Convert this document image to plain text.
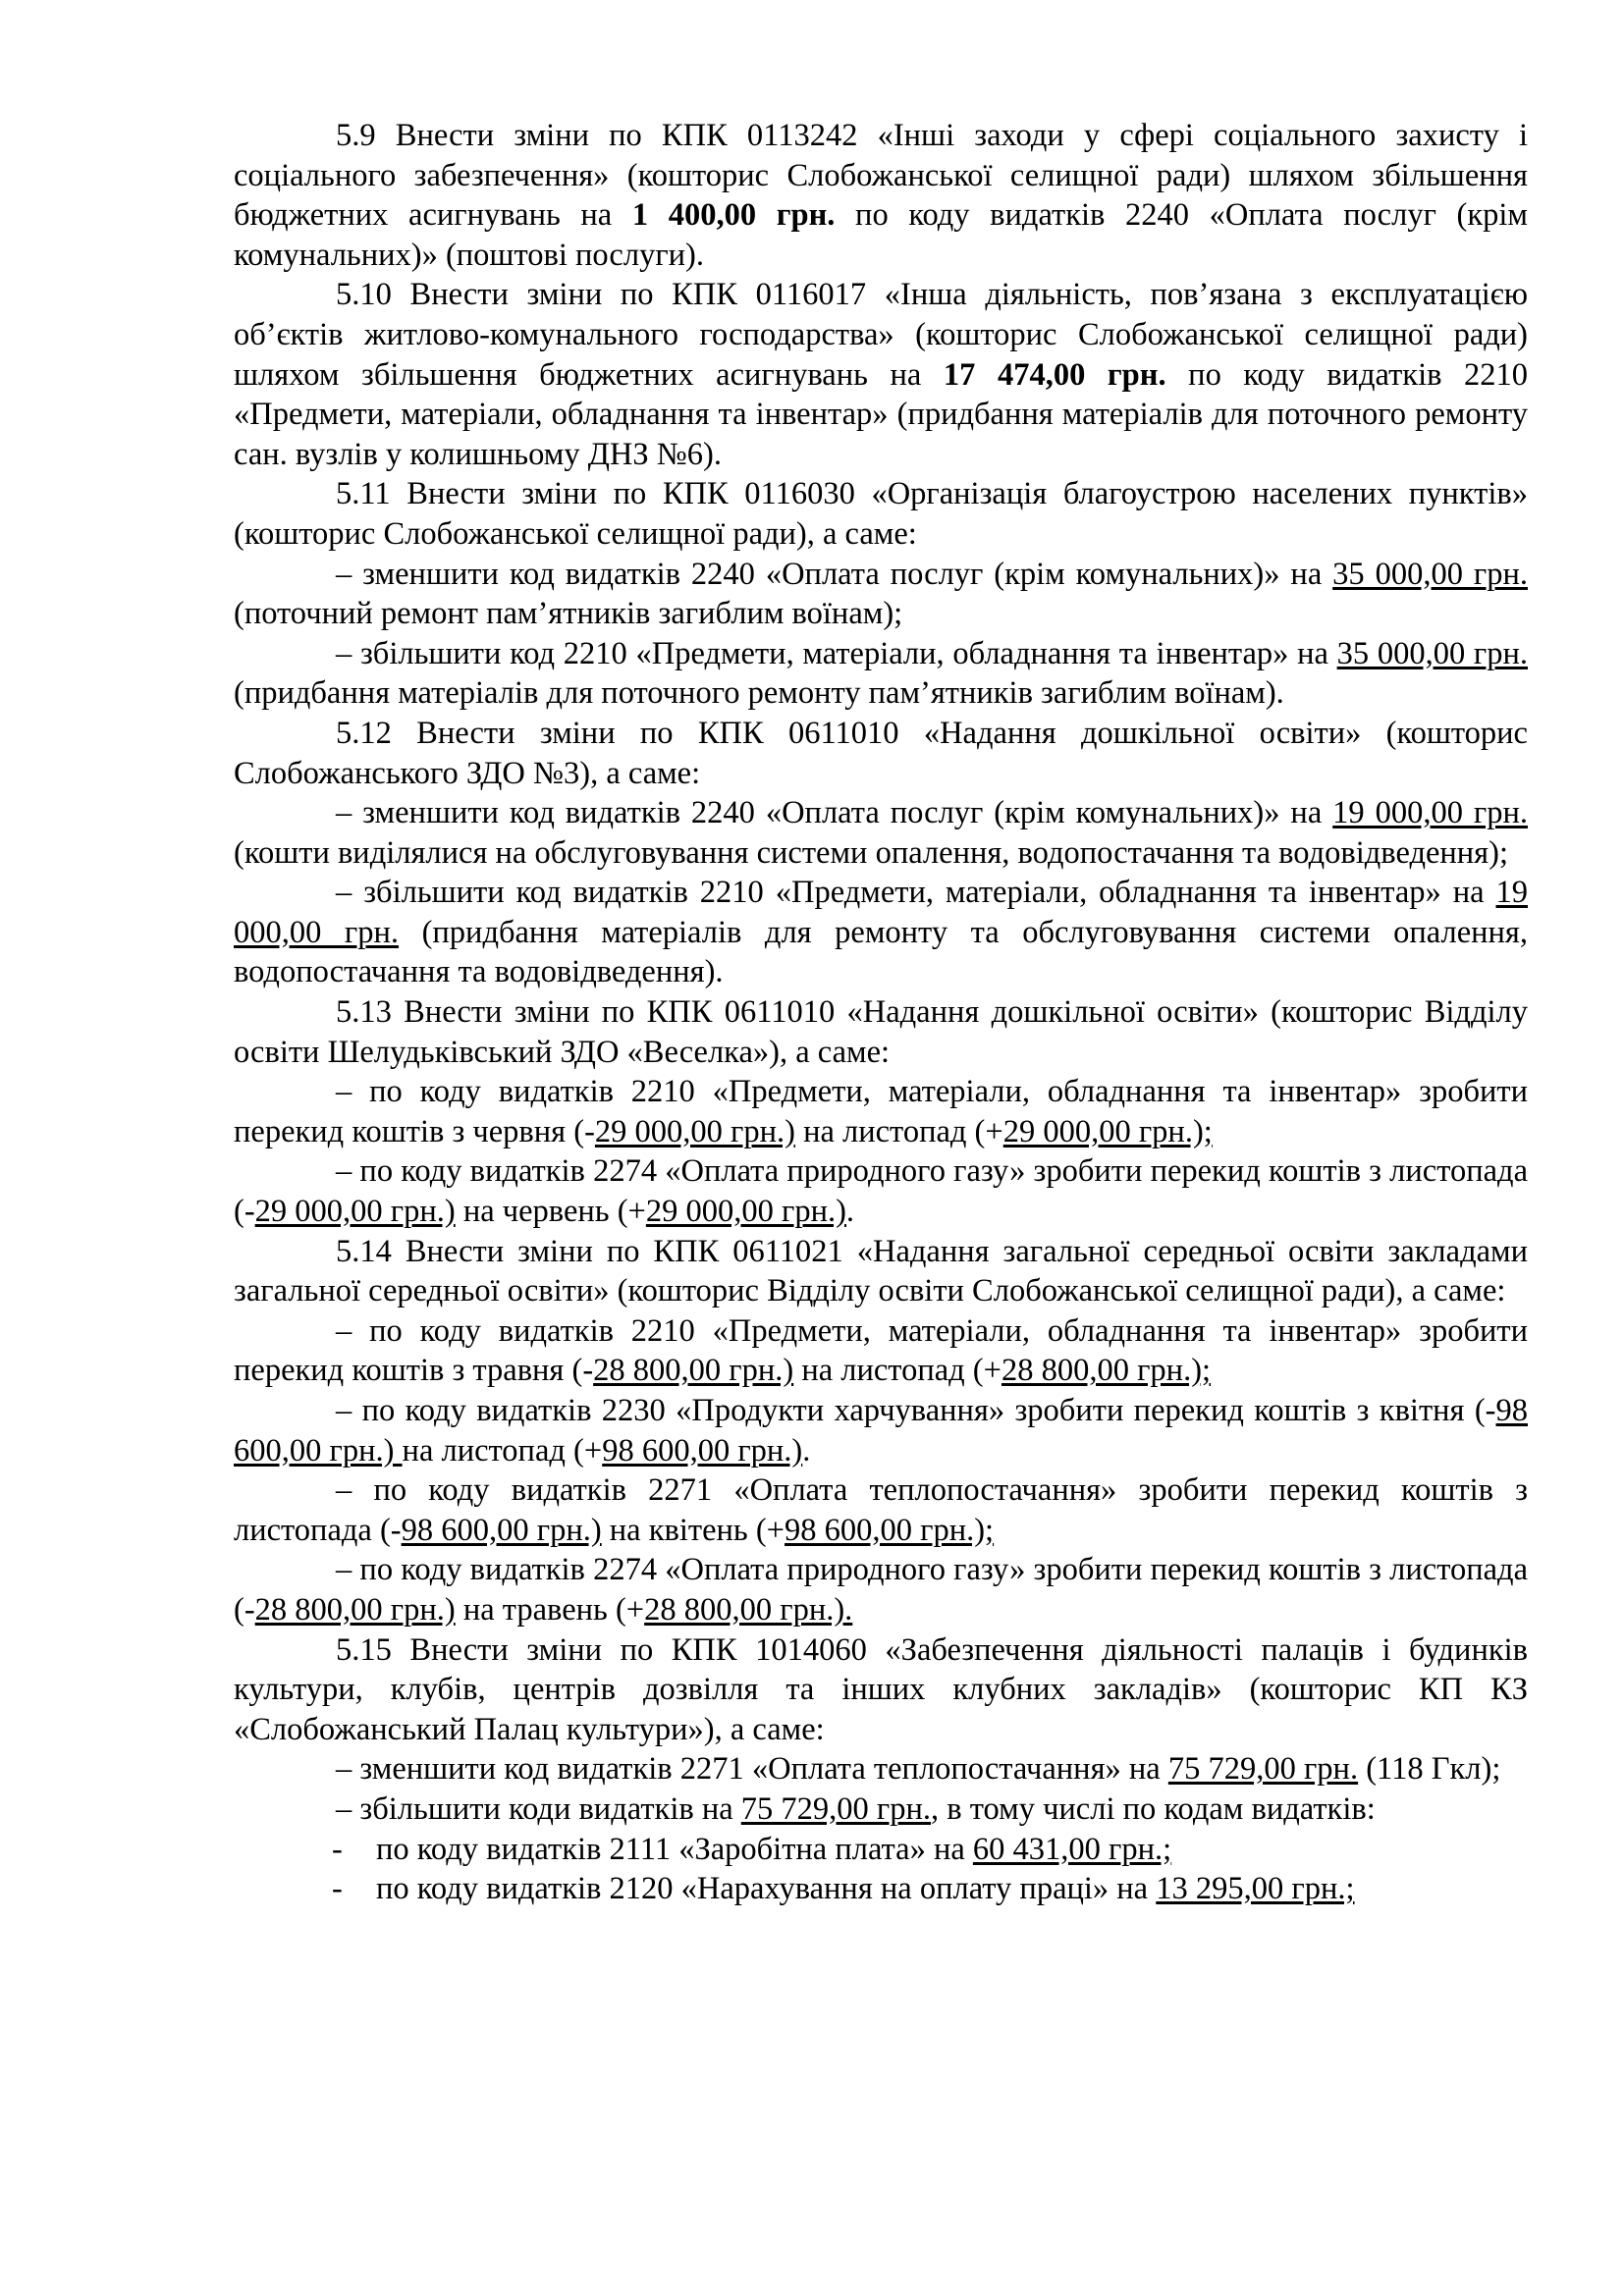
5.9 Внести зміни по КПК 0113242 «Інші заходи у сфері соціального захисту і соціального забезпечення» (кошторис Слобожанської селищної ради) шляхом збільшення бюджетних асигнувань на 1 400,00 грн. по коду видатків 2240 «Оплата послуг (крім комунальних)» (поштові послуги).

5.10 Внести зміни по КПК 0116017 «Інша діяльність, пов’язана з експлуатацією об’єктів житлово-комунального господарства» (кошторис Слобожанської селищної ради) шляхом збільшення бюджетних асигнувань на 17 474,00 грн. по коду видатків 2210 «Предмети, матеріали, обладнання та інвентар» (придбання матеріалів для поточного ремонту сан. вузлів у колишньому ДНЗ №6).

5.11 Внести зміни по КПК 0116030 «Організація благоустрою населених пунктів» (кошторис Слобожанської селищної ради), а саме:

– зменшити код видатків 2240 «Оплата послуг (крім комунальних)» на 35 000,00 грн. (поточний ремонт пам’ятників загиблим воїнам);

– збільшити код 2210 «Предмети, матеріали, обладнання та інвентар» на 35 000,00 грн. (придбання матеріалів для поточного ремонту пам’ятників загиблим воїнам).

5.12 Внести зміни по КПК 0611010 «Надання дошкільної освіти» (кошторис Слобожанського ЗДО №3), а саме:

– зменшити код видатків 2240 «Оплата послуг (крім комунальних)» на 19 000,00 грн. (кошти виділялися на обслуговування системи опалення, водопостачання та водовідведення);

– збільшити код видатків 2210 «Предмети, матеріали, обладнання та інвентар» на 19 000,00 грн. (придбання матеріалів для ремонту та обслуговування системи опалення, водопостачання та водовідведення).

5.13 Внести зміни по КПК 0611010 «Надання дошкільної освіти» (кошторис Відділу освіти Шелудьківський ЗДО «Веселка»), а саме:

– по коду видатків 2210 «Предмети, матеріали, обладнання та інвентар» зробити перекид коштів з червня (-29 000,00 грн.) на листопад (+29 000,00 грн.);

– по коду видатків 2274 «Оплата природного газу» зробити перекид коштів з листопада (-29 000,00 грн.) на червень (+29 000,00 грн.).

5.14 Внести зміни по КПК 0611021 «Надання загальної середньої освіти закладами загальної середньої освіти» (кошторис Відділу освіти Слобожанської селищної ради), а саме:

– по коду видатків 2210 «Предмети, матеріали, обладнання та інвентар» зробити перекид коштів з травня (-28 800,00 грн.) на листопад (+28 800,00 грн.);

– по коду видатків 2230 «Продукти харчування» зробити перекид коштів з квітня (-98 600,00 грн.) на листопад (+98 600,00 грн.).

– по коду видатків 2271 «Оплата теплопостачання» зробити перекид коштів з листопада (-98 600,00 грн.) на квітень (+98 600,00 грн.);

– по коду видатків 2274 «Оплата природного газу» зробити перекид коштів з листопада (-28 800,00 грн.) на травень (+28 800,00 грн.).

5.15 Внести зміни по КПК 1014060 «Забезпечення діяльності палаців і будинків культури, клубів, центрів дозвілля та інших клубних закладів» (кошторис КП КЗ «Слобожанський Палац культури»), а саме:

– зменшити код видатків 2271 «Оплата теплопостачання» на 75 729,00 грн. (118 Гкл);

– збільшити коди видатків на 75 729,00 грн., в тому числі по кодам видатків:

- по коду видатків 2111 «Заробітна плата» на 60 431,00 грн.;

- по коду видатків 2120 «Нарахування на оплату праці» на 13 295,00 грн.;
